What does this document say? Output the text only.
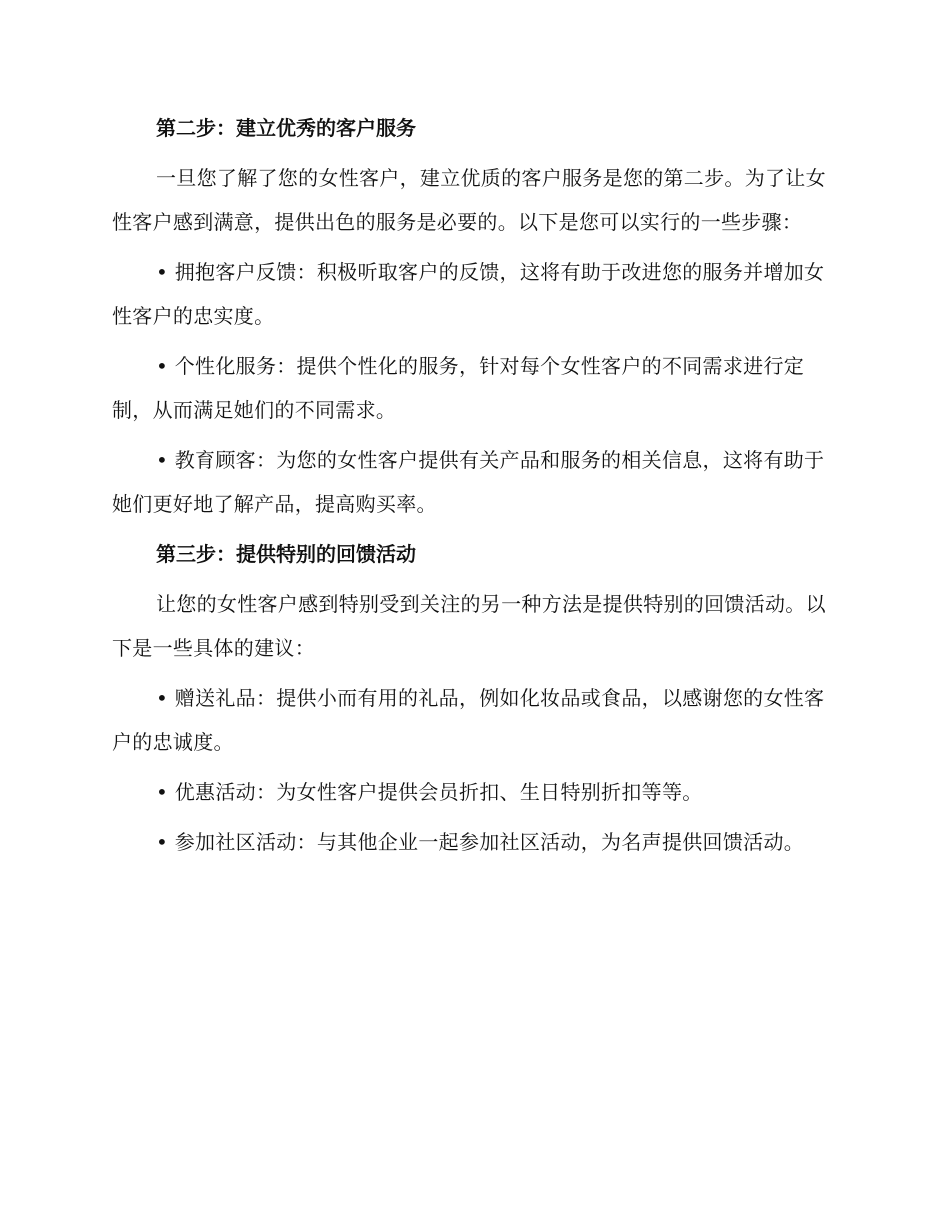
第二步：建立优秀的客户服务
一旦您了解了您的女性客户，建立优质的客户服务是您的第二步。为了让女性客户感到满意，提供出色的服务是必要的。以下是您可以实行的一些步骤：
• 拥抱客户反馈：积极听取客户的反馈，这将有助于改进您的服务并增加女性客户的忠实度。
• 个性化服务：提供个性化的服务，针对每个女性客户的不同需求进行定制，从而满足她们的不同需求。
• 教育顾客：为您的女性客户提供有关产品和服务的相关信息，这将有助于她们更好地了解产品，提高购买率。
第三步：提供特别的回馈活动
让您的女性客户感到特别受到关注的另一种方法是提供特别的回馈活动。以下是一些具体的建议：
• 赠送礼品：提供小而有用的礼品，例如化妆品或食品，以感谢您的女性客户的忠诚度。
• 优惠活动：为女性客户提供会员折扣、生日特别折扣等等。
• 参加社区活动：与其他企业一起参加社区活动，为名声提供回馈活动。
